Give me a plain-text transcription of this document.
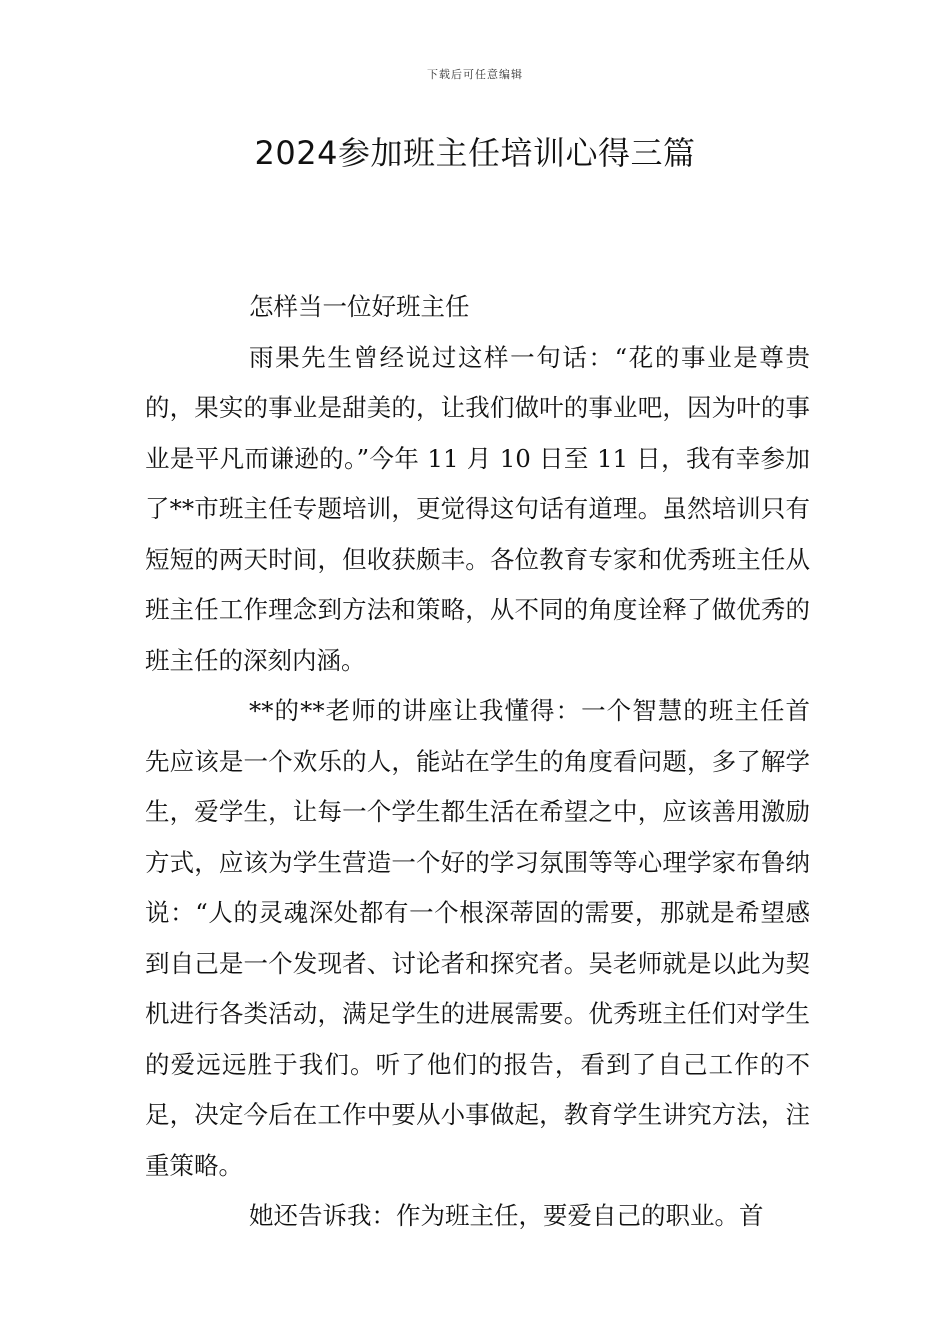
下载后可任意编辑
2024参加班主任培训心得三篇

怎样当一位好班主任

雨果先生曾经说过这样一句话：“花的事业是尊贵的，果实的事业是甜美的，让我们做叶的事业吧，因为叶的事业是平凡而谦逊的。”今年 11 月 10 日至 11 日，我有幸参加了**市班主任专题培训，更觉得这句话有道理。虽然培训只有短短的两天时间，但收获颇丰。各位教育专家和优秀班主任从班主任工作理念到方法和策略，从不同的角度诠释了做优秀的班主任的深刻内涵。

**的**老师的讲座让我懂得：一个智慧的班主任首先应该是一个欢乐的人，能站在学生的角度看问题，多了解学生，爱学生，让每一个学生都生活在希望之中，应该善用激励方式，应该为学生营造一个好的学习氛围等等心理学家布鲁纳说：“人的灵魂深处都有一个根深蒂固的需要，那就是希望感到自己是一个发现者、讨论者和探究者。吴老师就是以此为契机进行各类活动，满足学生的进展需要。优秀班主任们对学生的爱远远胜于我们。听了他们的报告，看到了自己工作的不足，决定今后在工作中要从小事做起，教育学生讲究方法，注重策略。

她还告诉我：作为班主任，要爱自己的职业。首
